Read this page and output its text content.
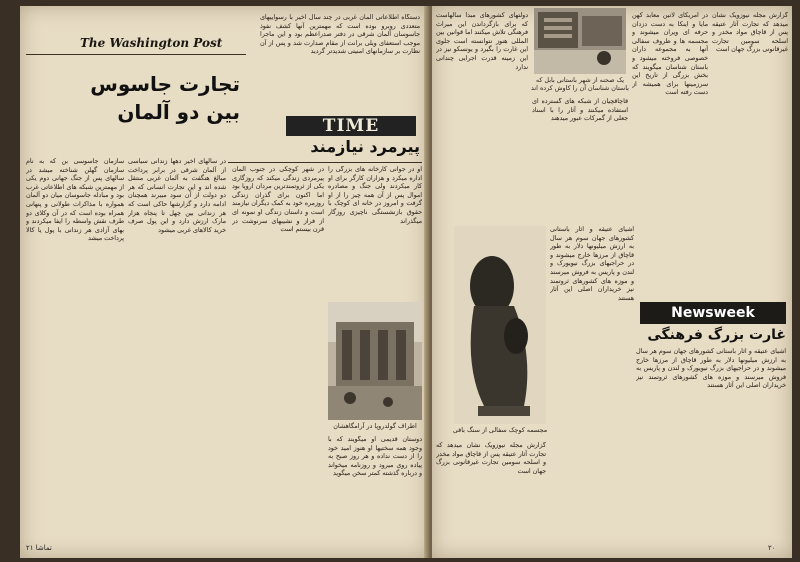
The Washington Post
تجارت جاسوس
بین دو آلمان
دستگاه اطلاعاتی آلمان غربی در چند سال اخیر با رسواییهای متعددی روبرو بوده است که مهمترین آنها کشف نفوذ جاسوسان آلمان شرقی در دفتر صدراعظم بود و این ماجرا موجب استعفای ویلی برانت از مقام صدارت شد و پس از آن نظارت بر سازمانهای امنیتی شدیدتر گردید
TIME
پیرمرد نیازمند
سازمان جاسوسی بن که به نام سازمان گهلن شناخته میشد در سالهای پس از جنگ جهانی دوم یکی از مهمترین شبکه های اطلاعاتی غرب بود و مبادله جاسوسان میان دو آلمان همواره با مذاکرات طولانی و پنهانی همراه بوده است که در آن وکلای دو طرف نقش واسطه را ایفا میکردند و بهای آزادی هر زندانی با پول یا کالا پرداخت میشد
در سالهای اخیر دهها زندانی سیاسی از آلمان شرقی در برابر پرداخت مبالغ هنگفت به آلمان غربی منتقل شده اند و این تجارت انسانی که هر دو دولت از آن سود میبرند همچنان ادامه دارد و گزارشها حاکی است که هر زندانی بین چهل تا پنجاه هزار مارک ارزش دارد و این پول صرف خرید کالاهای غربی میشود
در شهر کوچکی در جنوب آلمان پیرمردی زندگی میکند که روزگاری یکی از ثروتمندترین مردان اروپا بود اما اکنون برای گذران زندگی روزمره خود به کمک دیگران نیازمند است و داستان زندگی او نمونه ای از فراز و نشیبهای سرنوشت در قرن بیستم است
او در جوانی کارخانه های بزرگی را اداره میکرد و هزاران کارگر برای او کار میکردند ولی جنگ و مصادره اموال پس از آن همه چیز را از او گرفت و امروز در خانه ای کوچک با حقوق بازنشستگی ناچیزی روزگار میگذراند
اطراف گولدروپا در آرامگاهشان
دوستان قدیمی او میگویند که با وجود همه سختیها او هنوز امید خود را از دست نداده و هر روز صبح به پیاده روی میرود و روزنامه میخواند و درباره گذشته کمتر سخن میگوید
۲۱ تماشا
یک صحنه از شهر باستانی بابل که باستان شناسان آن را کاوش کرده اند
دولتهای کشورهای مبدأ سالهاست که برای بازگرداندن این میراث فرهنگی تلاش میکنند اما قوانین بین المللی هنوز نتوانسته است جلوی این غارت را بگیرد و یونسکو نیز در این زمینه قدرت اجرایی چندانی ندارد
در آمریکای لاتین معابد کهن مایا و اینکا به دست دزدان حرفه ای ویران میشوند و مجسمه ها و ظروف سفالی آنها به مجموعه داران خصوصی فروخته میشود و باستان شناسان میگویند که بخش بزرگی از تاریخ این سرزمینها برای همیشه از دست رفته است
گزارش مجله نیوزویک نشان میدهد که تجارت آثار عتیقه پس از قاچاق مواد مخدر و اسلحه سومین تجارت غیرقانونی بزرگ جهان است
قاچاقچیان از شبکه های گسترده ای استفاده میکنند و آثار را با اسناد جعلی از گمرکات عبور میدهند
مجسمه کوچک سفالی از سنگ باقی
Newsweek
غارت بزرگ فرهنگی
اشیای عتیقه و آثار باستانی کشورهای جهان سوم هر سال به ارزش میلیونها دلار به طور قاچاق از مرزها خارج میشوند و در حراجیهای بزرگ نیویورک و لندن و پاریس به فروش میرسند و موزه های کشورهای ثروتمند نیز خریداران اصلی این آثار هستند
اشیای عتیقه و آثار باستانی کشورهای جهان سوم هر سال به ارزش میلیونها دلار به طور قاچاق از مرزها خارج میشوند و در حراجیهای بزرگ نیویورک و لندن و پاریس به فروش میرسند و موزه های کشورهای ثروتمند نیز خریداران اصلی این آثار هستند
گزارش مجله نیوزویک نشان میدهد که تجارت آثار عتیقه پس از قاچاق مواد مخدر و اسلحه سومین تجارت غیرقانونی بزرگ جهان است
۲۰
